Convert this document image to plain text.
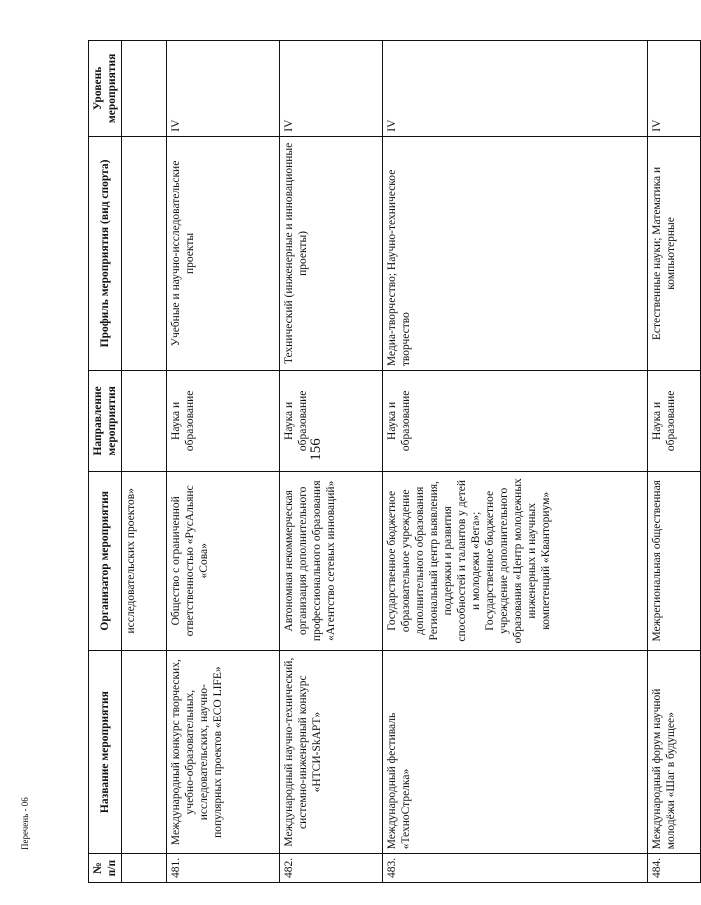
156
№ п/п	Название мероприятия	Организатор мероприятия	Направление мероприятия	Профиль мероприятия (вид спорта)	Уровень мероприятия
		исследовательских проектов»			
481.	Международный конкурс творческих, учебно-образовательных, исследовательских, научно-популярных проектов «ECO LIFE»	Общество с ограниченной ответственностью «РусАльянс «Сова»	Наука и образование	Учебные и научно-исследовательские проекты	IV
482.	Международный научно-технический, системно-инженерный конкурс «НТСИ-SkAPT»	Автономная некоммерческая организация дополнительного профессионального образования «Агентство сетевых инноваций»	Наука и образование	Технический (инженерные и инновационные проекты)	IV
483.	Международный фестиваль «ТехноСтрелка»	Государственное бюджетное образовательное учреждение дополнительного образования Региональный центр выявления, поддержки и развития способностей и талантов у детей и молодежи «Вега»; Государственное бюджетное учреждение дополнительного образования «Центр молодежных инженерных и научных компетенций «Кванториум»	Наука и образование	Медиа-творчество; Научно-техническое творчество	IV
484.	Международный форум научной молодёжи «Шаг в будущее»	Межрегиональная общественная	Наука и образование	Естественные науки; Математика и компьютерные	IV
Перечень - 06
